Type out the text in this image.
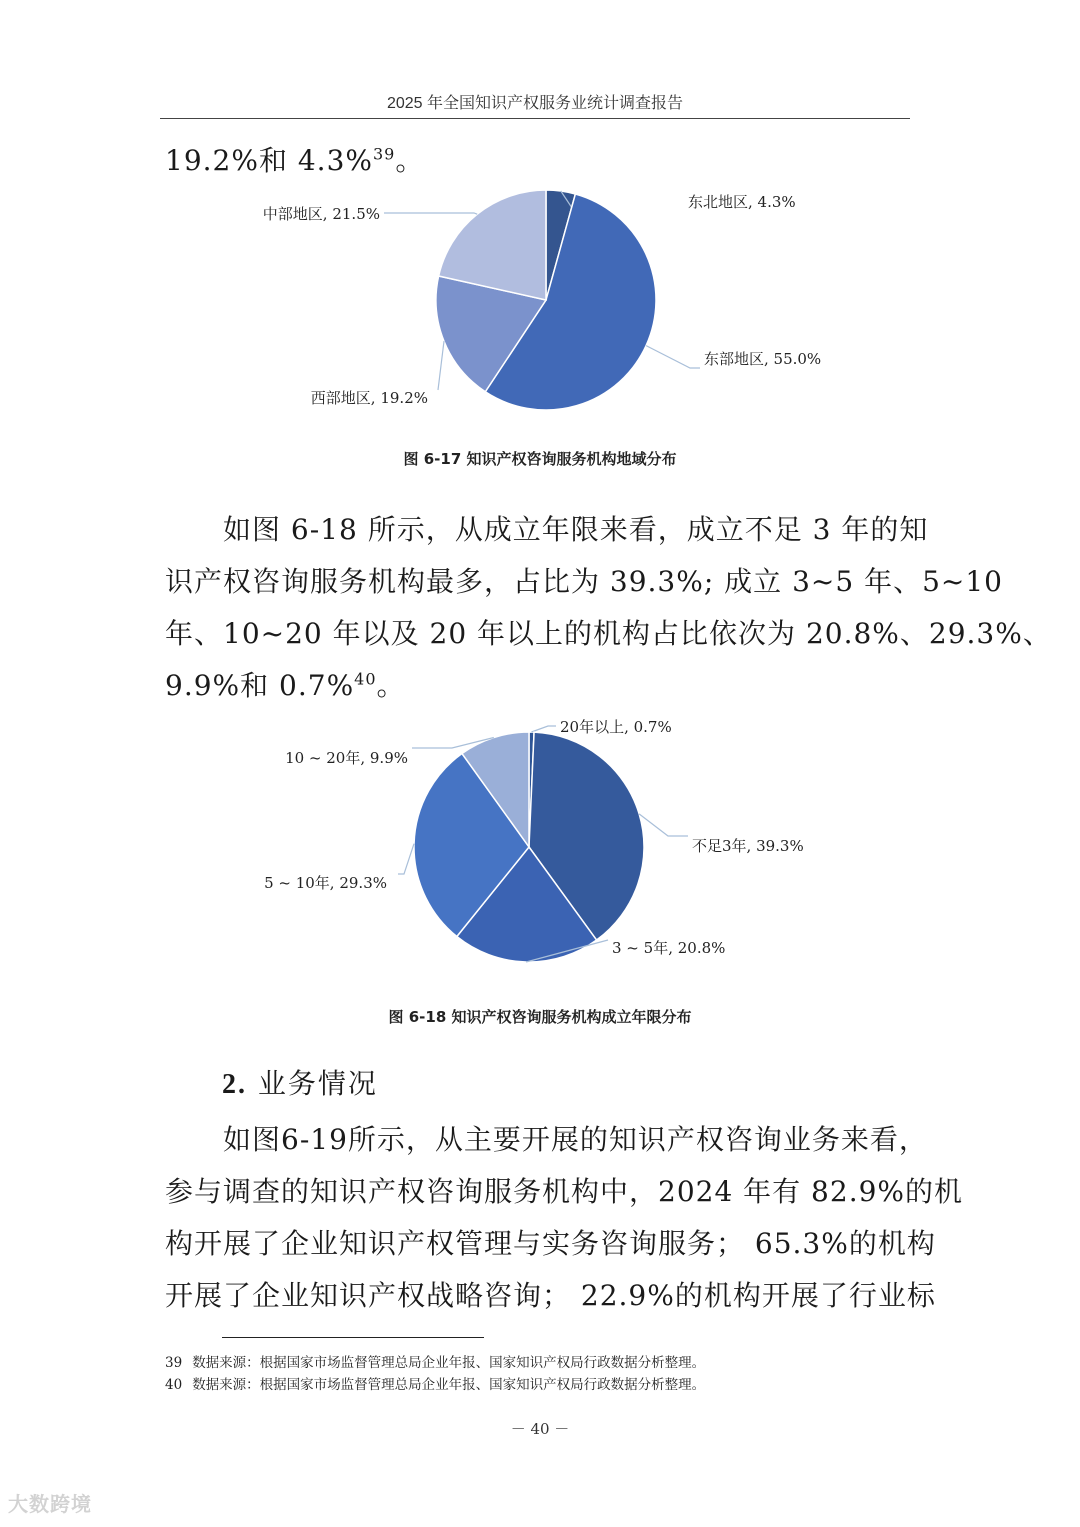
2025 年全国知识产权服务业统计调查报告

19.2%和 4.3%$^{39}$。

东北地区, 4.3%
东部地区, 55.0%
西部地区, 19.2%
中部地区, 21.5%
图 6-17 知识产权咨询服务机构地域分布
如图 6-18 所示，从成立年限来看，成立不足 3 年的知
识产权咨询服务机构最多，占比为 39.3%; 成立 3~5 年、5~10
年、10~20 年以及 20 年以上的机构占比依次为 20.8%、29.3%、
9.9%和 0.7%$^{40}$。
20年以上, 0.7%
不足3年, 39.3%
3 ~ 5年, 20.8%
5 ~ 10年, 29.3%
10 ~ 20年, 9.9%
图 6-18 知识产权咨询服务机构成立年限分布
2. 业务情况
如图6-19所示，从主要开展的知识产权咨询业务来看，
参与调查的知识产权咨询服务机构中，2024 年有 82.9%的机
构开展了企业知识产权管理与实务咨询服务； 65.3%的机构
开展了企业知识产权战略咨询； 22.9%的机构开展了行业标
39 数据来源：根据国家市场监督管理总局企业年报、国家知识产权局行政数据分析整理。
40 数据来源：根据国家市场监督管理总局企业年报、国家知识产权局行政数据分析整理。
－ 40 －
大数跨境
